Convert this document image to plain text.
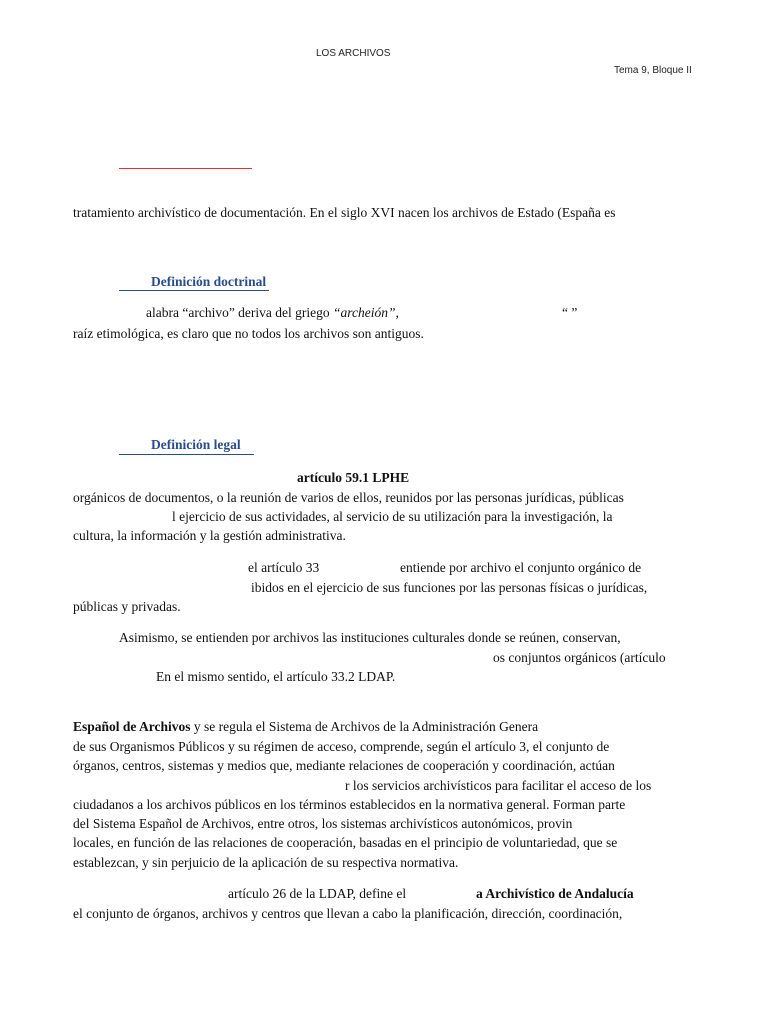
LOS ARCHIVOS
Tema 9, Bloque II
tratamiento archivístico de documentación. En el siglo XVI nacen los archivos de Estado (España es
Definición doctrinal
alabra “archivo” deriva del griego “archeión”,	“ ”
raíz etimológica, es claro que no todos los archivos son antiguos.
Definición legal
artículo 59.1 LPHE
orgánicos de documentos, o la reunión de varios de ellos, reunidos por las personas jurídicas, públicas
l ejercicio de sus actividades, al servicio de su utilización para la investigación, la
cultura, la información y la gestión administrativa.
el artículo 33	entiende por archivo el conjunto orgánico de
ibidos en el ejercicio de sus funciones por las personas físicas o jurídicas,
públicas y privadas.
Asimismo, se entienden por archivos las instituciones culturales donde se reúnen, conservan,
os conjuntos orgánicos (artículo
En el mismo sentido, el artículo 33.2 LDAP.
Español de Archivos y se regula el Sistema de Archivos de la Administración Genera
de sus Organismos Públicos y su régimen de acceso, comprende, según el artículo 3, el conjunto de
órganos, centros, sistemas y medios que, mediante relaciones de cooperación y coordinación, actúan
r los servicios archivísticos para facilitar el acceso de los
ciudadanos a los archivos públicos en los términos establecidos en la normativa general. Forman parte
del Sistema Español de Archivos, entre otros, los sistemas archivísticos autonómicos, provin
locales, en función de las relaciones de cooperación, basadas en el principio de voluntariedad, que se
establezcan, y sin perjuicio de la aplicación de su respectiva normativa.
artículo 26 de la LDAP, define el	a Archivístico de Andalucía
el conjunto de órganos, archivos y centros que llevan a cabo la planificación, dirección, coordinación,
